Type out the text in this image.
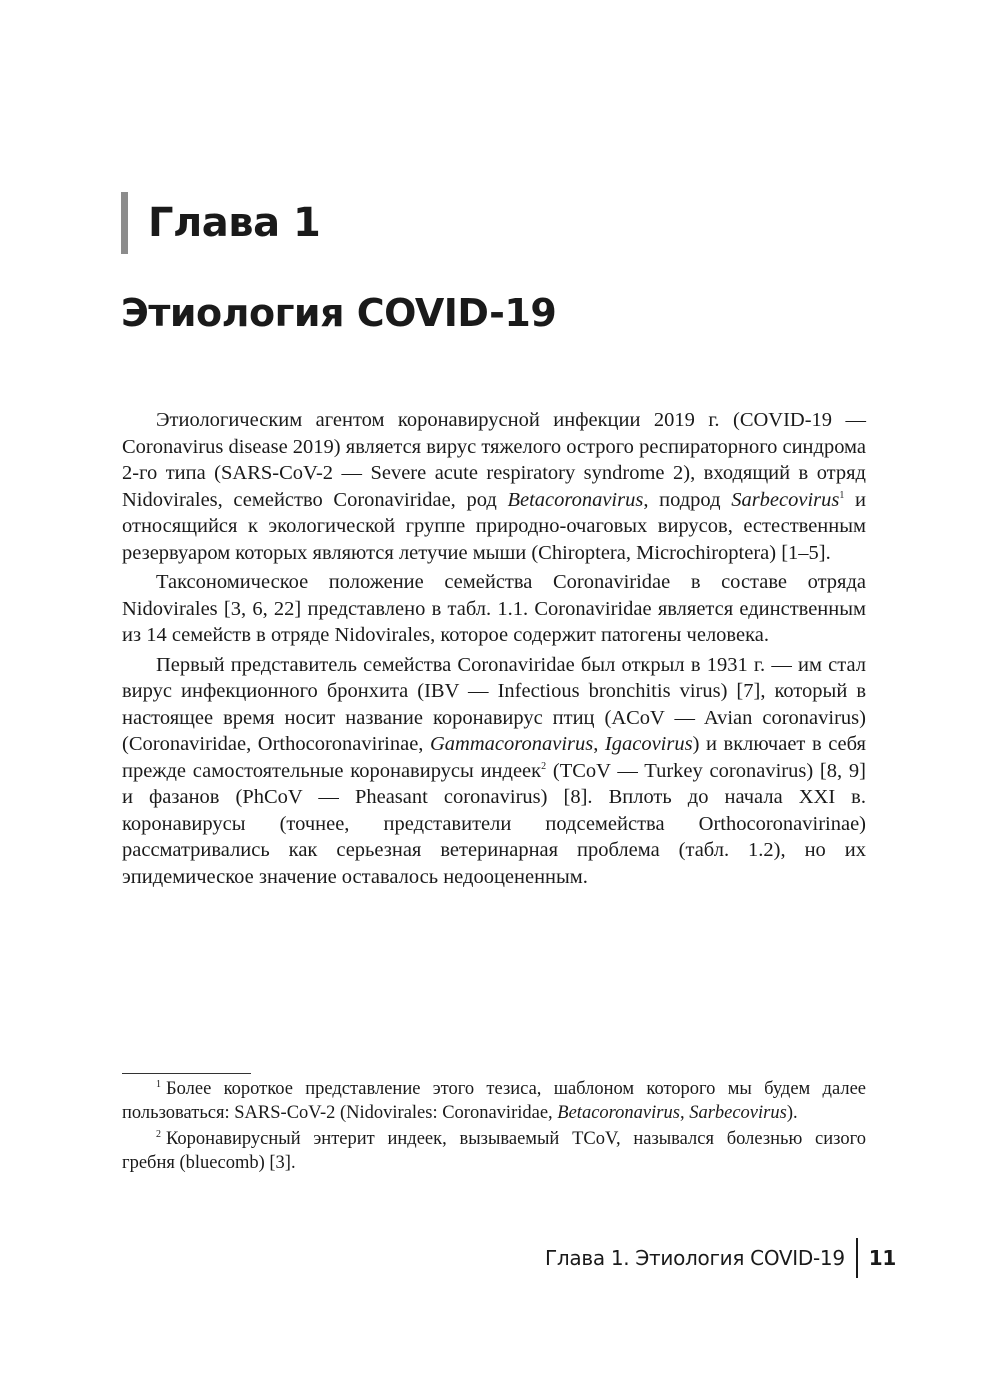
Глава 1
Этиология COVID-19

Этиологическим агентом коронавирусной инфекции 2019 г. (COVID-19 — Coronavirus disease 2019) является вирус тяжелого острого респираторного синдрома 2-го типа (SARS-CoV-2 — Severe acute respiratory syndrome 2), входящий в отряд Nidovirales, семейство Coronaviridae, род Betacoronavirus, подрод Sarbecovirus$^1$ и относящийся к экологической группе природно-очаговых вирусов, естественным резервуаром которых являются летучие мыши (Chiroptera, Microchiroptera) [1–5].

Таксономическое положение семейства Coronaviridae в составе отряда Nidovirales [3, 6, 22] представлено в табл. 1.1. Coronaviridae является единственным из 14 семейств в отряде Nidovirales, которое содержит патогены человека.

Первый представитель семейства Coronaviridae был открыл в 1931 г. — им стал вирус инфекционного бронхита (IBV — Infectious bronchitis virus) [7], который в настоящее время носит название коронавирус птиц (ACoV — Avian coronavirus) (Coronaviridae, Orthocoronavirinae, Gammacoronavirus, Igacovirus) и включает в себя прежде самостоятельные коронавирусы индеек$^2$ (TCoV — Turkey coronavirus) [8, 9] и фазанов (PhCoV — Pheasant coronavirus) [8]. Вплоть до начала XXI в. коронавирусы (точнее, представители подсемейства Orthocoronavirinae) рассматривались как серьезная ветеринарная проблема (табл. 1.2), но их эпидемическое значение оставалось недооцененным.

$^1$ Более короткое представление этого тезиса, шаблоном которого мы будем далее пользоваться: SARS-CoV-2 (Nidovirales: Coronaviridae, Betacoronavirus, Sarbecovirus).

$^2$ Коронавирусный энтерит индеек, вызываемый TCoV, назывался болезнью сизого гребня (bluecomb) [3].

Глава 1. Этиология COVID-19	11
